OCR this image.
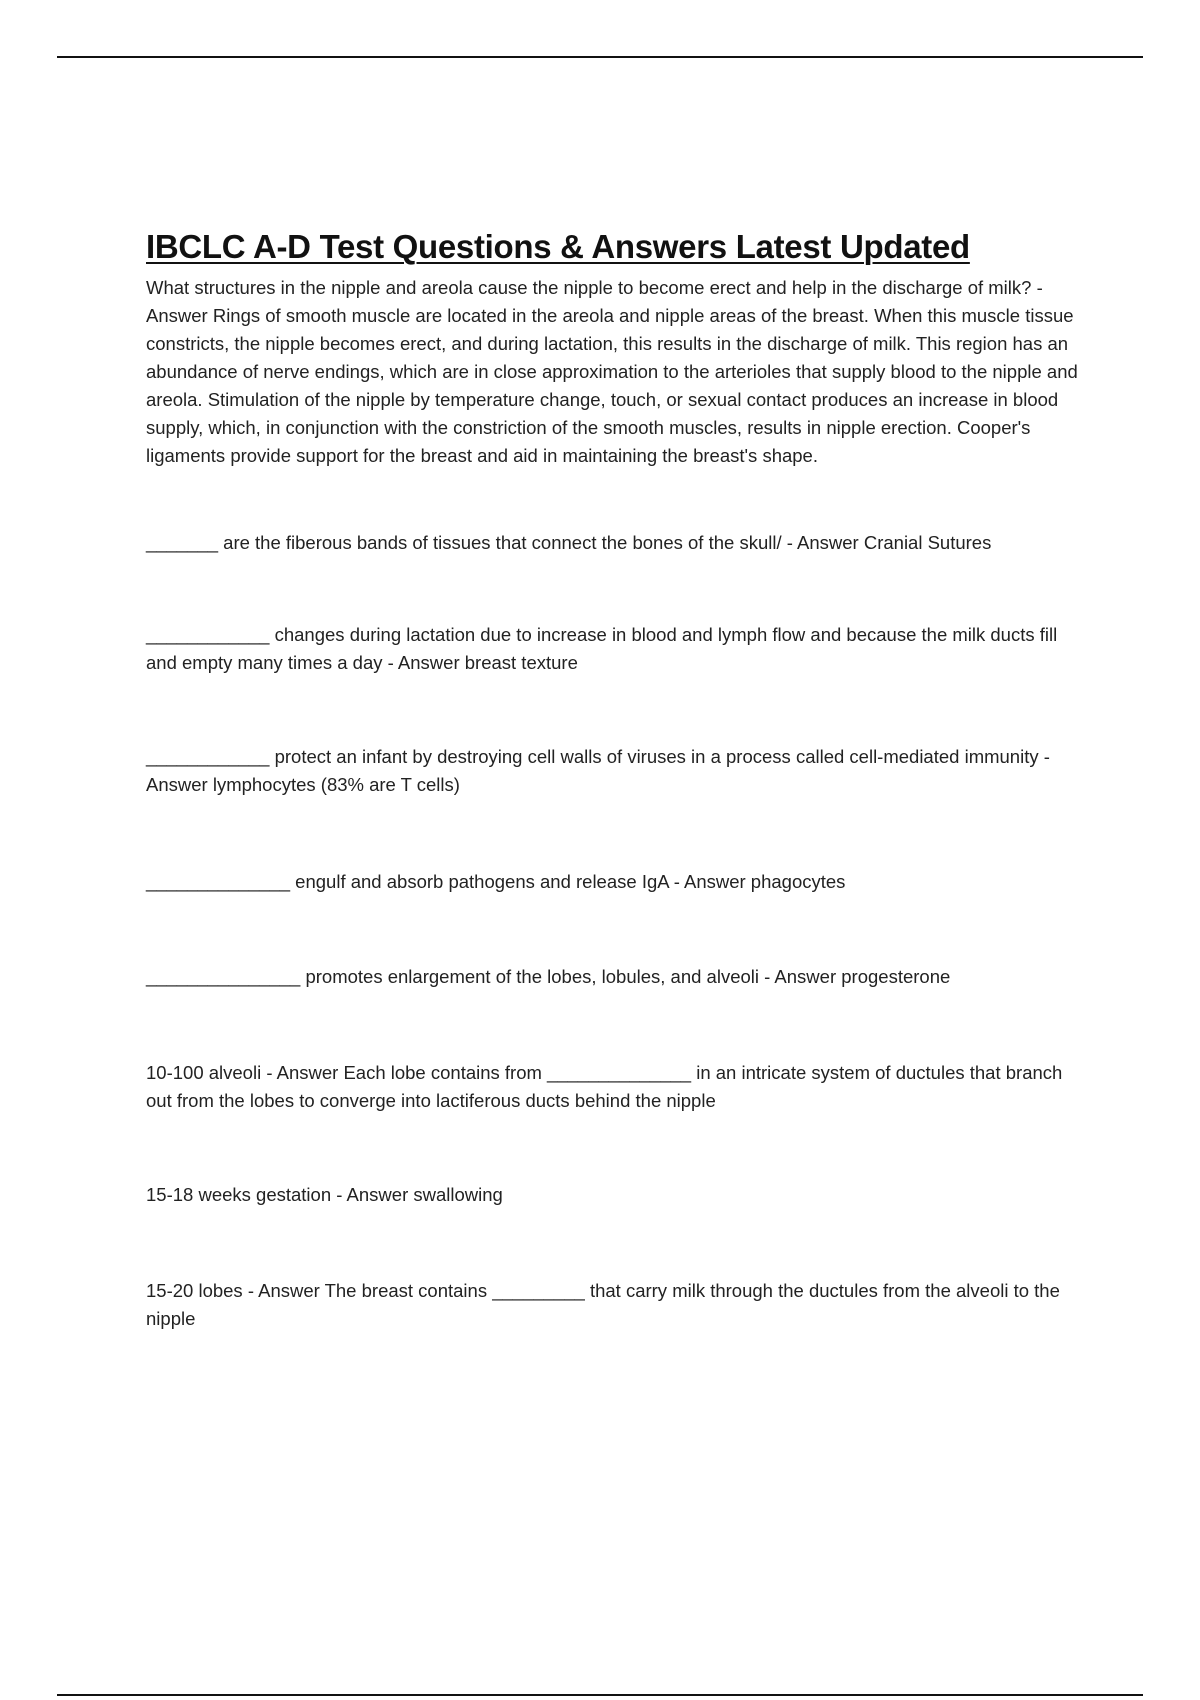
IBCLC A-D Test Questions & Answers Latest Updated

What structures in the nipple and areola cause the nipple to become erect and help in the discharge of milk? - Answer Rings of smooth muscle are located in the areola and nipple areas of the breast. When this muscle tissue constricts, the nipple becomes erect, and during lactation, this results in the discharge of milk. This region has an abundance of nerve endings, which are in close approximation to the arterioles that supply blood to the nipple and areola. Stimulation of the nipple by temperature change, touch, or sexual contact produces an increase in blood supply, which, in conjunction with the constriction of the smooth muscles, results in nipple erection. Cooper's ligaments provide support for the breast and aid in maintaining the breast's shape.

_______ are the fiberous bands of tissues that connect the bones of the skull/ - Answer Cranial Sutures

____________ changes during lactation due to increase in blood and lymph flow and because the milk ducts fill and empty many times a day - Answer breast texture

____________ protect an infant by destroying cell walls of viruses in a process called cell-mediated immunity - Answer lymphocytes (83% are T cells)

______________ engulf and absorb pathogens and release IgA - Answer phagocytes

_______________ promotes enlargement of the lobes, lobules, and alveoli - Answer progesterone

10-100 alveoli - Answer Each lobe contains from ______________ in an intricate system of ductules that branch out from the lobes to converge into lactiferous ducts behind the nipple

15-18 weeks gestation - Answer swallowing

15-20 lobes - Answer The breast contains _________ that carry milk through the ductules from the alveoli to the nipple
